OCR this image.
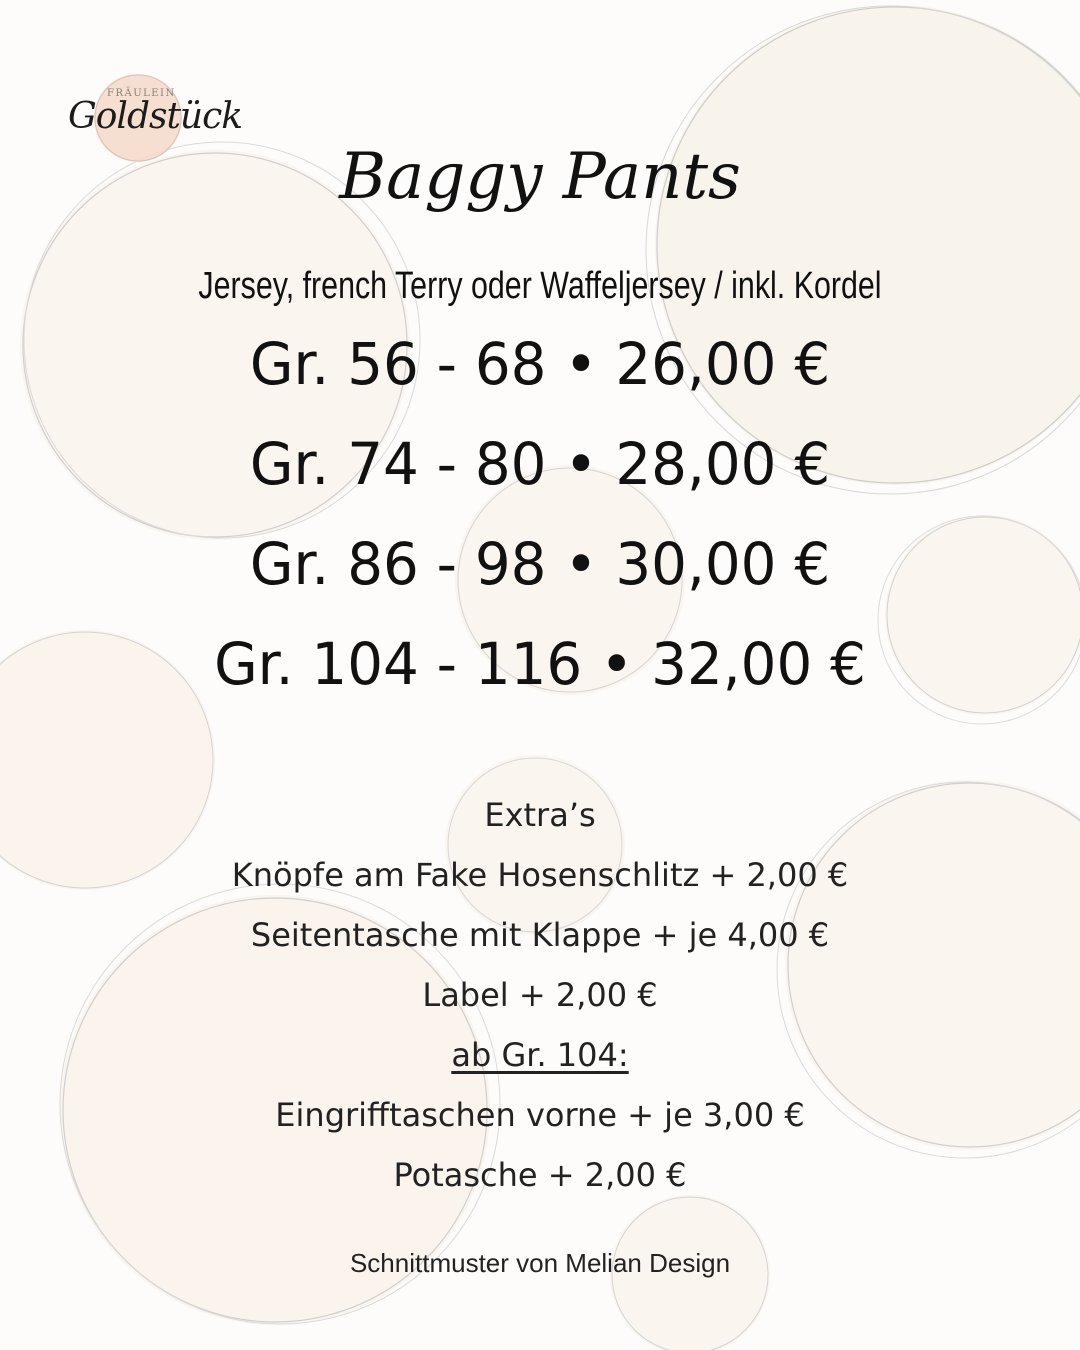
FRÄULEIN
Goldstück
Baggy Pants
Jersey, french Terry oder Waffeljersey / inkl. Kordel
Gr. 56 - 68 • 26,00 €
Gr. 74 - 80 • 28,00 €
Gr. 86 - 98 • 30,00 €
Gr. 104 - 116 • 32,00 €
Extra’s
Knöpfe am Fake Hosenschlitz + 2,00 €
Seitentasche mit Klappe + je 4,00 €
Label + 2,00 €
ab Gr. 104:
Eingrifftaschen vorne + je 3,00 €
Potasche + 2,00 €
Schnittmuster von Melian Design
